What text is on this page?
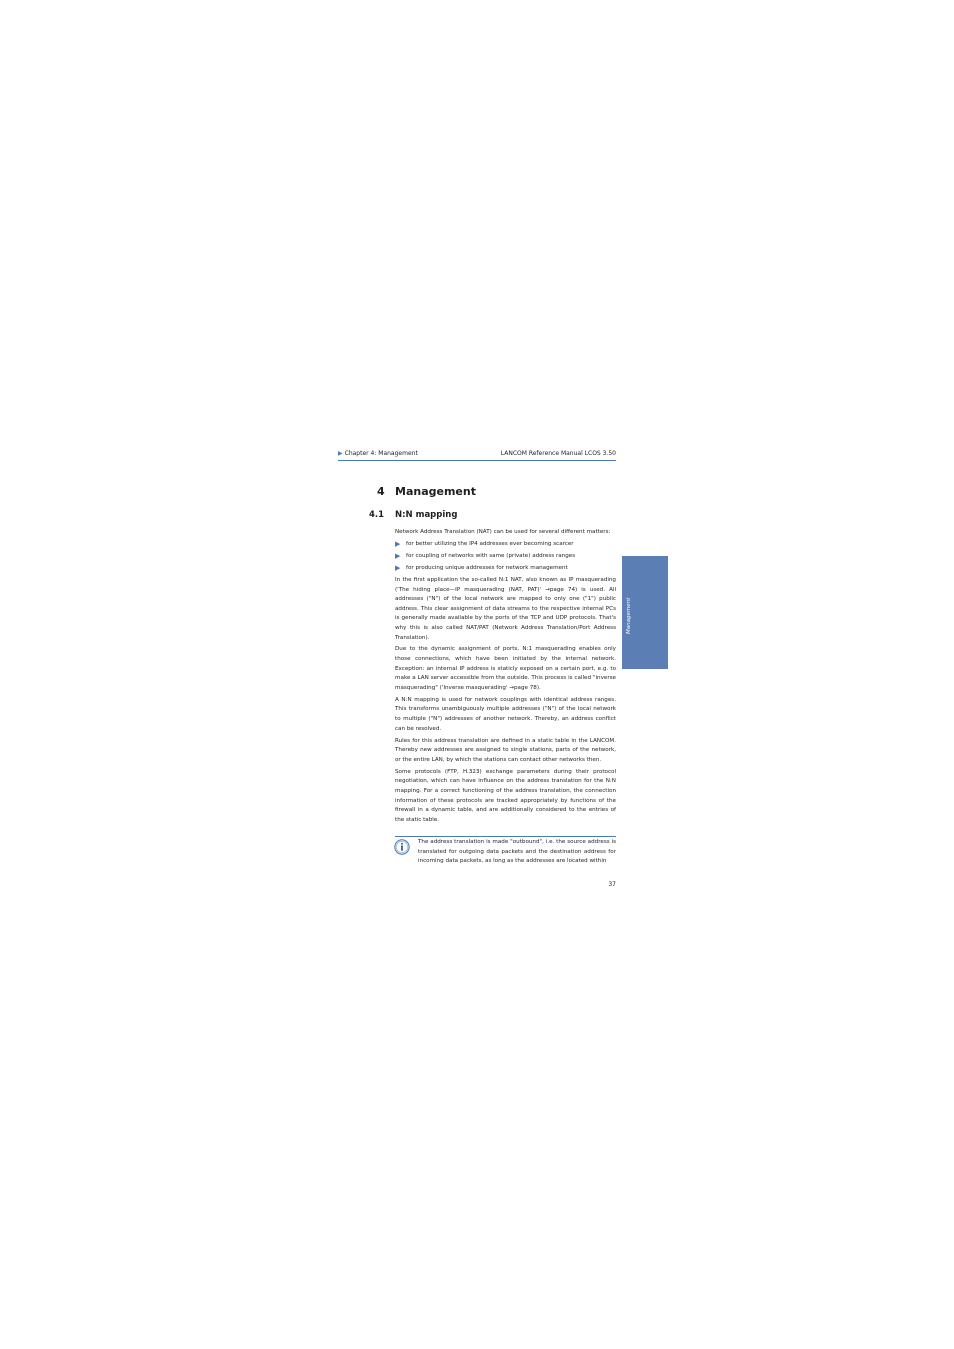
▶ Chapter 4: Management	LANCOM Reference Manual LCOS 3.50
4 Management
4.1 N:N mapping

Network Address Translation (NAT) can be used for several different matters:

▶ for better utilizing the IP4 addresses ever becoming scarcer
▶ for coupling of networks with same (private) address ranges
▶ for producing unique addresses for network management

In the first application the so-called N:1 NAT, also known as IP masquerading ('The hiding place—IP masquerading (NAT, PAT)' →page 74) is used. All addresses ("N") of the local network are mapped to only one ("1") public address. This clear assignment of data streams to the respective internal PCs is generally made available by the ports of the TCP and UDP protocols. That's why this is also called NAT/PAT (Network Address Translation/Port Address Translation).

Due to the dynamic assignment of ports, N:1 masquerading enables only those connections, which have been initiated by the internal network. Exception: an internal IP address is staticly exposed on a certain port, e.g. to make a LAN server accessible from the outside. This process is called "inverse masquerading" ('Inverse masquerading' →page 78).

A N:N mapping is used for network couplings with identical address ranges. This transforms unambiguously multiple addresses ("N") of the local network to multiple ("N") addresses of another network. Thereby, an address conflict can be resolved.

Rules for this address translation are defined in a static table in the LANCOM. Thereby new addresses are assigned to single stations, parts of the network, or the entire LAN, by which the stations can contact other networks then.

Some protocols (FTP, H.323) exchange parameters during their protocol negotiation, which can have influence on the address translation for the N:N mapping. For a correct functioning of the address translation, the connection information of these protocols are tracked appropriately by functions of the firewall in a dynamic table, and are additionally considered to the entries of the static table.

Management
The address translation is made "outbound", i.e. the source address is translated for outgoing data packets and the destination address for incoming data packets, as long as the addresses are located within
37
